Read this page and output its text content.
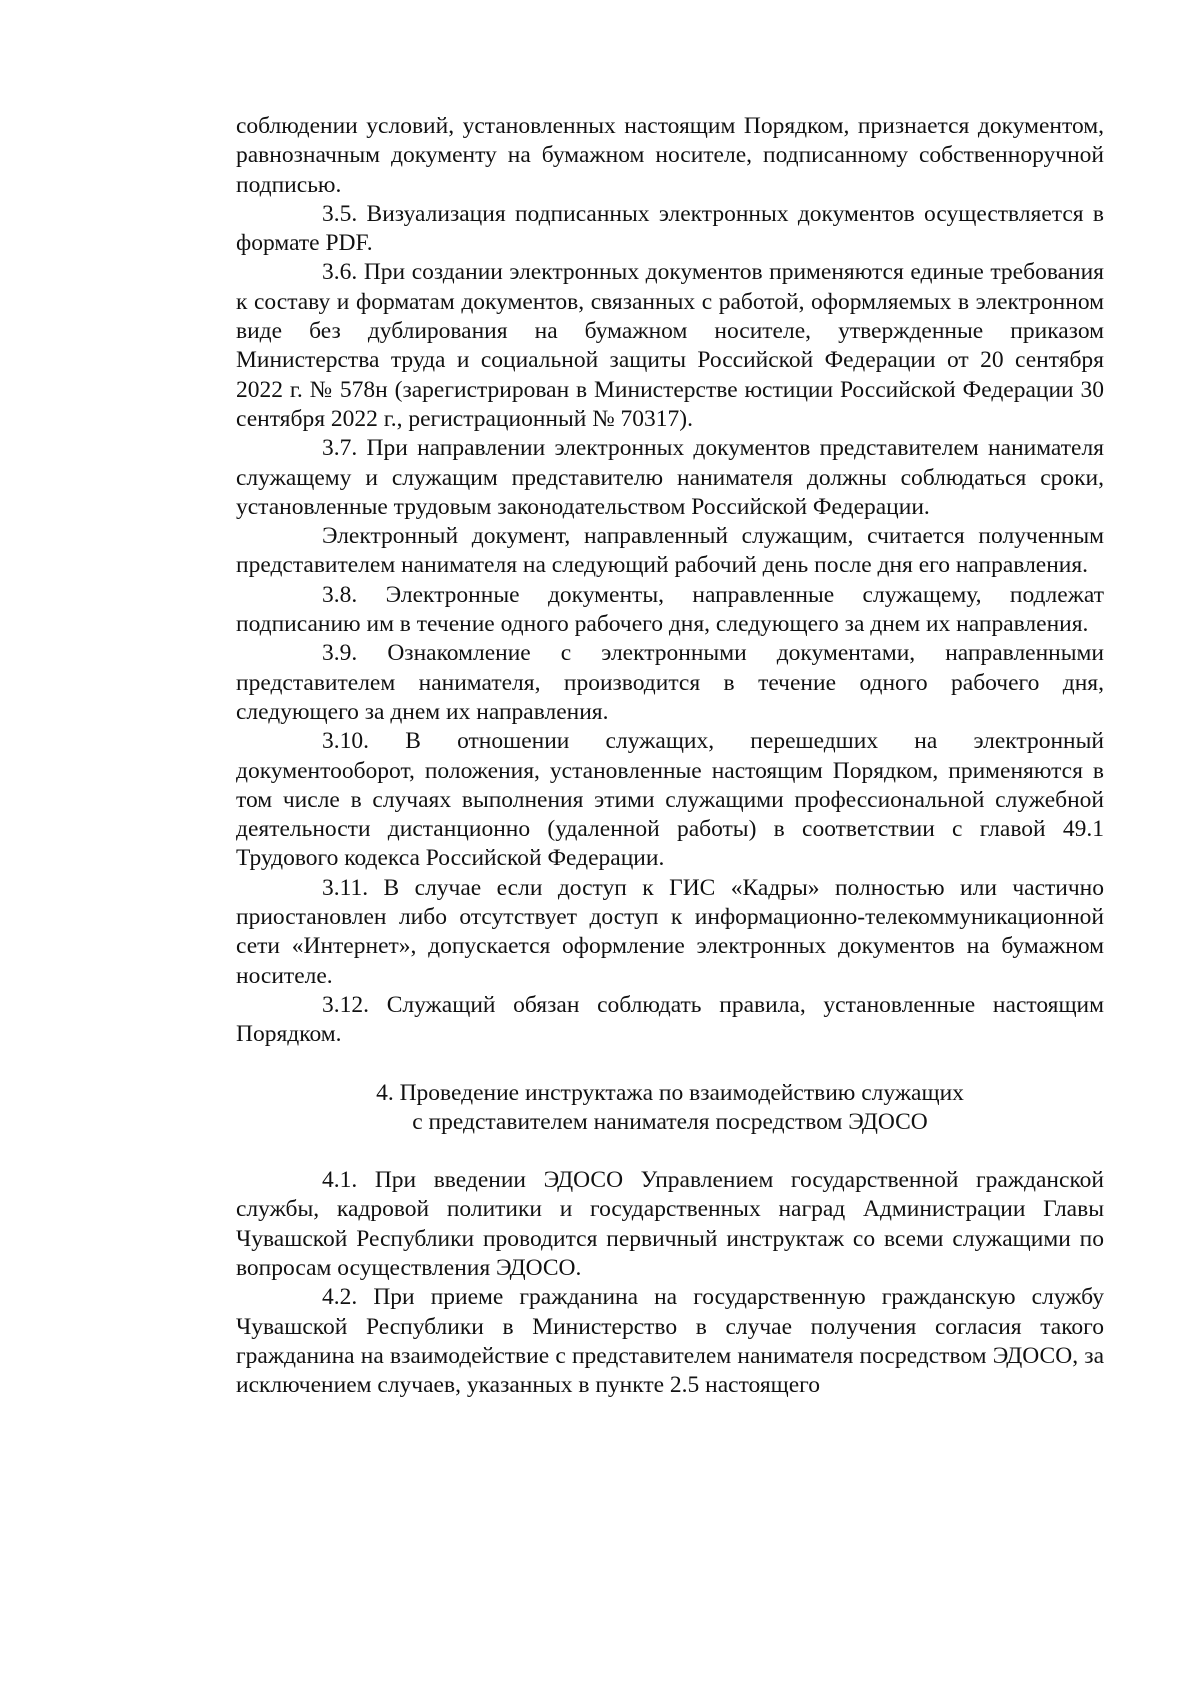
соблюдении условий, установленных настоящим Порядком, признается документом, равнозначным документу на бумажном носителе, подписанному собственноручной подписью.

3.5. Визуализация подписанных электронных документов осуществляется в формате PDF.

3.6. При создании электронных документов применяются единые требования к составу и форматам документов, связанных с работой, оформляемых в электронном виде без дублирования на бумажном носителе, утвержденные приказом Министерства труда и социальной защиты Российской Федерации от 20 сентября 2022 г. № 578н (зарегистрирован в Министерстве юстиции Российской Федерации 30 сентября 2022 г., регистрационный № 70317).

3.7. При направлении электронных документов представителем нанимателя служащему и служащим представителю нанимателя должны соблюдаться сроки, установленные трудовым законодательством Российской Федерации.

Электронный документ, направленный служащим, считается полученным представителем нанимателя на следующий рабочий день после дня его направления.

3.8. Электронные документы, направленные служащему, подлежат подписанию им в течение одного рабочего дня, следующего за днем их направления.

3.9. Ознакомление с электронными документами, направленными представителем нанимателя, производится в течение одного рабочего дня, следующего за днем их направления.

3.10. В отношении служащих, перешедших на электронный документооборот, положения, установленные настоящим Порядком, применяются в том числе в случаях выполнения этими служащими профессиональной служебной деятельности дистанционно (удаленной работы) в соответствии с главой 49.1 Трудового кодекса Российской Федерации.

3.11. В случае если доступ к ГИС «Кадры» полностью или частично приостановлен либо отсутствует доступ к информационно-телекоммуникационной сети «Интернет», допускается оформление электронных документов на бумажном носителе.

3.12. Служащий обязан соблюдать правила, установленные настоящим Порядком.

4. Проведение инструктажа по взаимодействию служащих

с представителем нанимателя посредством ЭДОСО

4.1. При введении ЭДОСО Управлением государственной гражданской службы, кадровой политики и государственных наград Администрации Главы Чувашской Республики проводится первичный инструктаж со всеми служащими по вопросам осуществления ЭДОСО.

4.2. При приеме гражданина на государственную гражданскую службу Чувашской Республики в Министерство в случае получения согласия такого гражданина на взаимодействие с представителем нанимателя посредством ЭДОСО, за исключением случаев, указанных в пункте 2.5 настоящего
